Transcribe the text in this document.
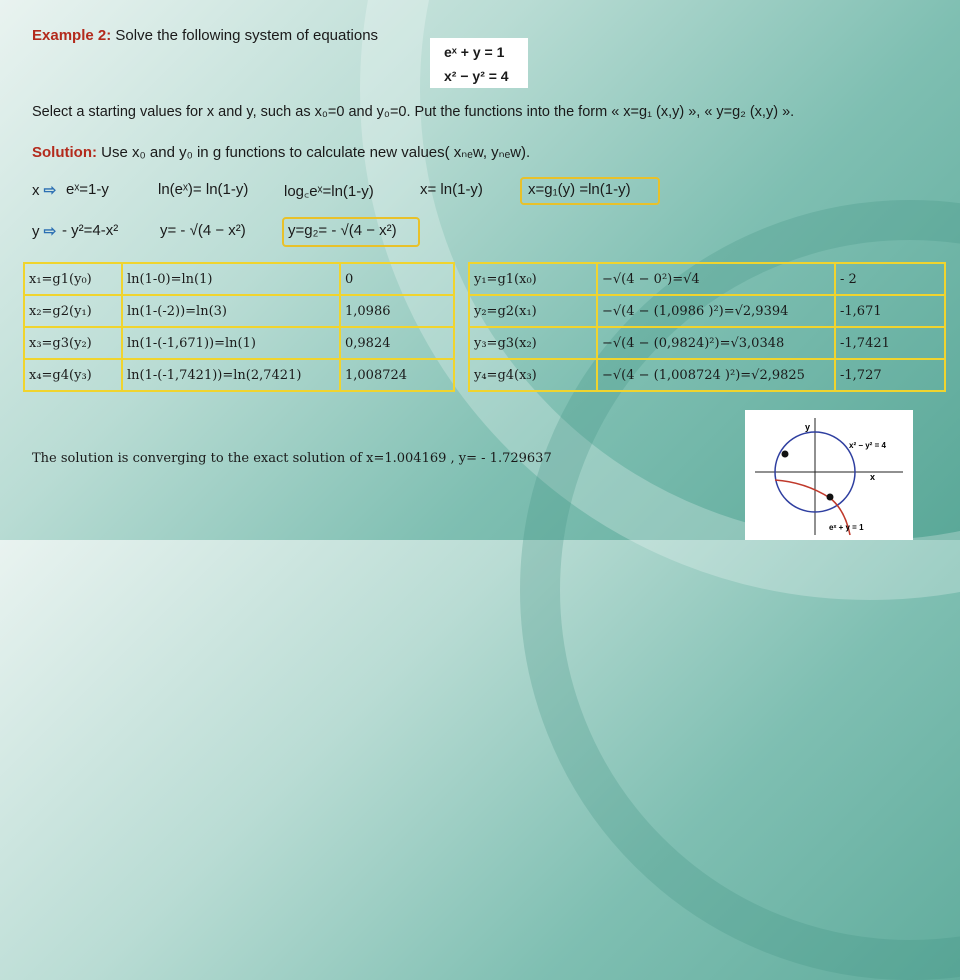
Example 2: Solve the following system of equations
eˣ + y = 1
x² − y² = 4
Select a starting values for x and y, such as x₀=0 and y₀=0. Put the functions into the form « x=g₁ (x,y) », « y=g₂ (x,y) ».
Solution: Use x₀ and y₀ in g functions to calculate new values( xₙₑw, yₙₑw).
x ⇨ eˣ=1-y	ln(eˣ)= ln(1-y) log꜀eˣ=ln(1-y)	x= ln(1-y)	x=g₁(y) =ln(1-y)
y ⇨ - y²=4-x²	y= - √(4 − x²)	y=g₂= - √(4 − x²)
x₁=g1(y₀)	ln(1-0)=ln(1)	0
x₂=g2(y₁)	ln(1-(-2))=ln(3)	1,0986
x₃=g3(y₂)	ln(1-(-1,671))=ln(1)	0,9824
x₄=g4(y₃)	ln(1-(-1,7421))=ln(2,7421)	1,008724
y₁=g1(x₀)	−√(4 − 0²)=√4	- 2
y₂=g2(x₁)	−√(4 − (1,0986 )²)=√2,9394	-1,671
y₃=g3(x₂)	−√(4 − (0,9824)²)=√3,0348	-1,7421
y₄=g4(x₃)	−√(4 − (1,008724 )²)=√2,9825	-1,727
The solution is converging to the exact solution of x=1.004169 , y= - 1.729637
y
x
x² − y² = 4
eˣ + y = 1
